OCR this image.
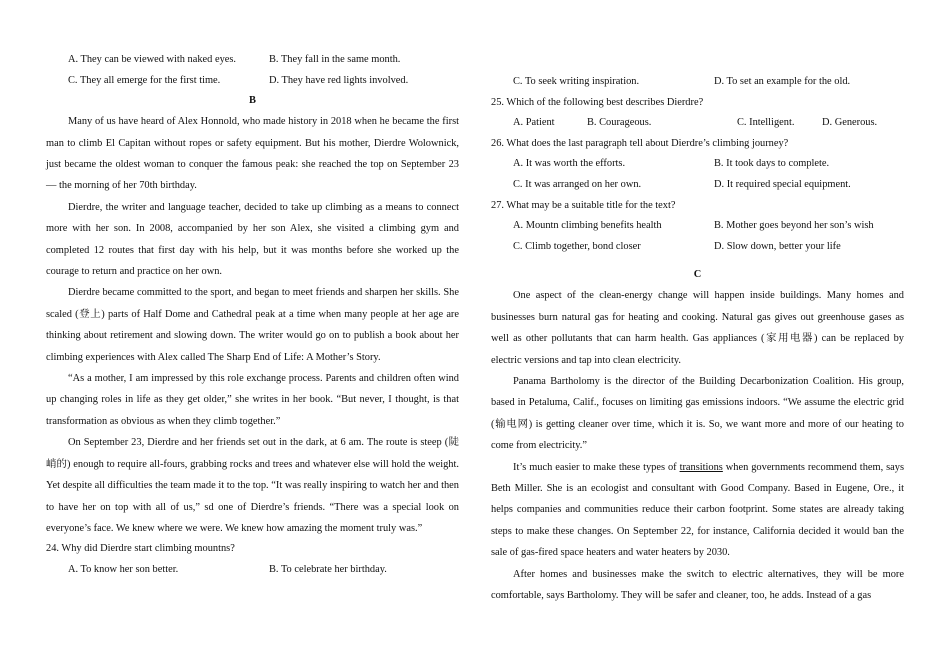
A. They can be viewed with naked eyes.	B. They fall in the same month.
C. They all emerge for the first time.	D. They have red lights involved.
B

Many of us have heard of Alex Honnold, who made history in 2018 when he became the first man to climb El Capitan without ropes or safety equipment. But his mother, Dierdre Wolownick, just became the oldest woman to conquer the famous peak: she reached the top on September 23 — the morning of her 70th birthday.

Dierdre, the writer and language teacher, decided to take up climbing as a means to connect more with her son. In 2008, accompanied by her son Alex, she visited a climbing gym and completed 12 routes that first day with his help, but it was months before she worked up the courage to return and practice on her own.

Dierdre became committed to the sport, and began to meet friends and sharpen her skills. She scaled (登上) parts of Half Dome and Cathedral peak at a time when many people at her age are thinking about retirement and slowing down. The writer would go on to publish a book about her climbing experiences with Alex called The Sharp End of Life: A Mother’s Story.

“As a mother, I am impressed by this role exchange process. Parents and children often wind up changing roles in life as they get older,” she writes in her book. “But never, I thought, is that transformation as obvious as when they climb together.”

On September 23, Dierdre and her friends set out in the dark, at 6 am. The route is steep (陡峭的) enough to require all-fours, grabbing rocks and trees and whatever else will hold the weight. Yet despite all difficulties the team made it to the top. “It was really inspiring to watch her and then to have her on top with all of us,” sd one of Dierdre’s friends. “There was a special look on everyone’s face. We knew where we were. We knew how amazing the moment truly was.”

24. Why did Dierdre start climbing mountns?
A. To know her son better.	B. To celebrate her birthday.
C. To seek writing inspiration.	D. To set an example for the old.
25. Which of the following best describes Dierdre?
A. Patient	B. Courageous.	C. Intelligent.	D. Generous.
26. What does the last paragraph tell about Dierdre’s climbing journey?
A. It was worth the efforts.	B. It took days to complete.
C. It was arranged on her own.	D. It required special equipment.
27. What may be a suitable title for the text?
A. Mountn climbing benefits health	B. Mother goes beyond her son’s wish
C. Climb together, bond closer	D. Slow down, better your life
C

One aspect of the clean-energy change will happen inside buildings. Many homes and businesses burn natural gas for heating and cooking. Natural gas gives out greenhouse gases as well as other pollutants that can harm health. Gas appliances (家用电器) can be replaced by electric versions and tap into clean electricity.

Panama Bartholomy is the director of the Building Decarbonization Coalition. His group, based in Petaluma, Calif., focuses on limiting gas emissions indoors. “We assume the electric grid (输电网) is getting cleaner over time, which it is. So, we want more and more of our heating to come from electricity.”

It’s much easier to make these types of transitions when governments recommend them, says Beth Miller. She is an ecologist and consultant with Good Company. Based in Eugene, Ore., it helps companies and communities reduce their carbon footprint. Some states are already taking steps to make these changes. On September 22, for instance, California decided it would ban the sale of gas-fired space heaters and water heaters by 2030.

After homes and businesses make the switch to electric alternatives, they will be more comfortable, says Bartholomy. They will be safer and cleaner, too, he adds. Instead of a gas
